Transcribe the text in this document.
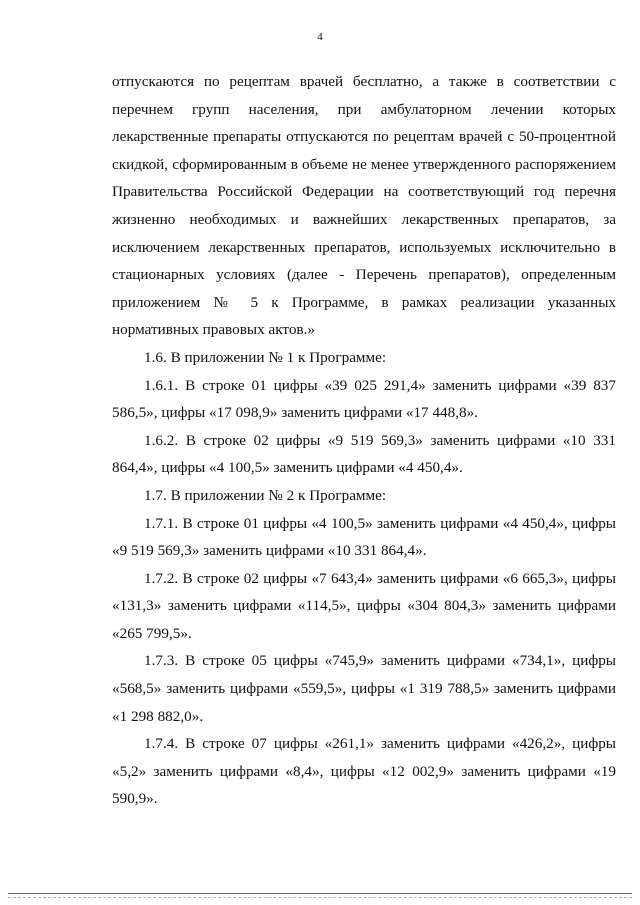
4
отпускаются по рецептам врачей бесплатно, а также в соответствии с
перечнем групп населения, при амбулаторном лечении которых
лекарственные препараты отпускаются по рецептам врачей с 50-процентной
скидкой, сформированным в объеме не менее утвержденного распоряжением
Правительства Российской Федерации на соответствующий год перечня
жизненно необходимых и важнейших лекарственных препаратов, за
исключением лекарственных препаратов, используемых исключительно в
стационарных условиях (далее - Перечень препаратов), определенным
приложением № 5 к Программе, в рамках реализации указанных
нормативных правовых актов.»
1.6. В приложении № 1 к Программе:
1.6.1. В строке 01 цифры «39 025 291,4» заменить цифрами «39 837
586,5», цифры «17 098,9» заменить цифрами «17 448,8».
1.6.2. В строке 02 цифры «9 519 569,3» заменить цифрами «10 331
864,4», цифры «4 100,5» заменить цифрами «4 450,4».
1.7. В приложении № 2 к Программе:
1.7.1. В строке 01 цифры «4 100,5» заменить цифрами «4 450,4», цифры
«9 519 569,3» заменить цифрами «10 331 864,4».
1.7.2. В строке 02 цифры «7 643,4» заменить цифрами «6 665,3», цифры
«131,3» заменить цифрами «114,5», цифры «304 804,3» заменить цифрами
«265 799,5».
1.7.3. В строке 05 цифры «745,9» заменить цифрами «734,1», цифры
«568,5» заменить цифрами «559,5», цифры «1 319 788,5» заменить цифрами
«1 298 882,0».
1.7.4. В строке 07 цифры «261,1» заменить цифрами «426,2», цифры
«5,2» заменить цифрами «8,4», цифры «12 002,9» заменить цифрами «19
590,9».
